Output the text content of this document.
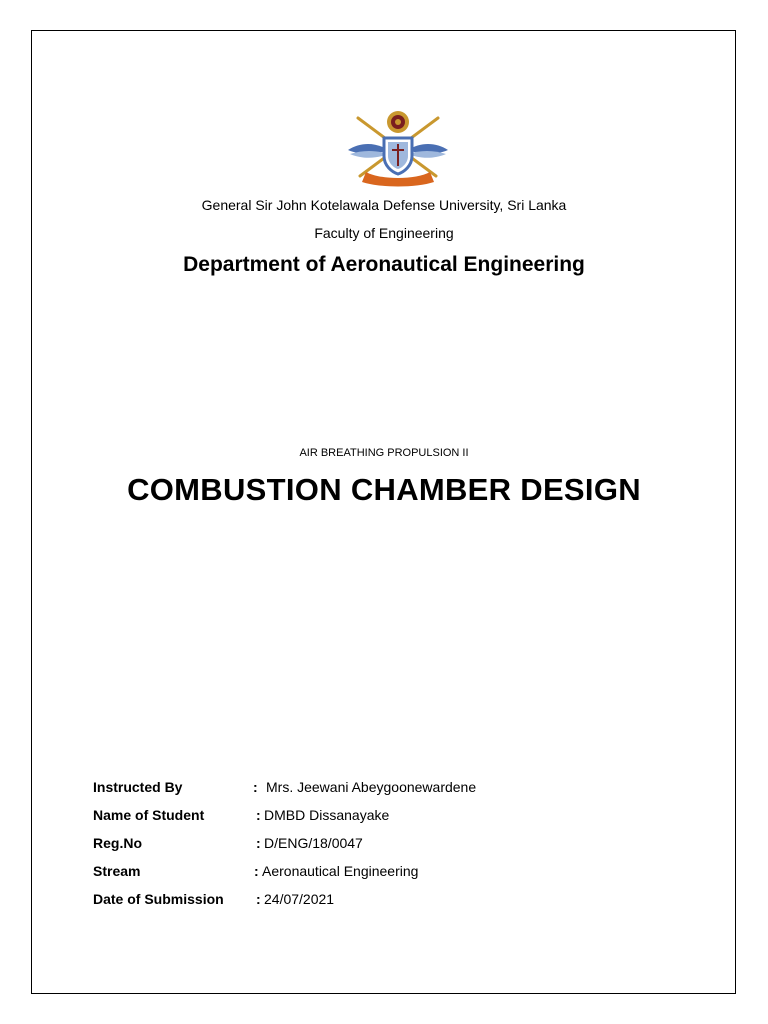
General Sir John Kotelawala Defense University, Sri Lanka
Faculty of Engineering
Department of Aeronautical Engineering
AIR BREATHING PROPULSION II
COMBUSTION CHAMBER DESIGN
Instructed By	: Mrs. Jeewani Abeygoonewardene
Name of Student	: DMBD Dissanayake
Reg.No	: D/ENG/18/0047
Stream	: Aeronautical Engineering
Date of Submission : 24/07/2021
